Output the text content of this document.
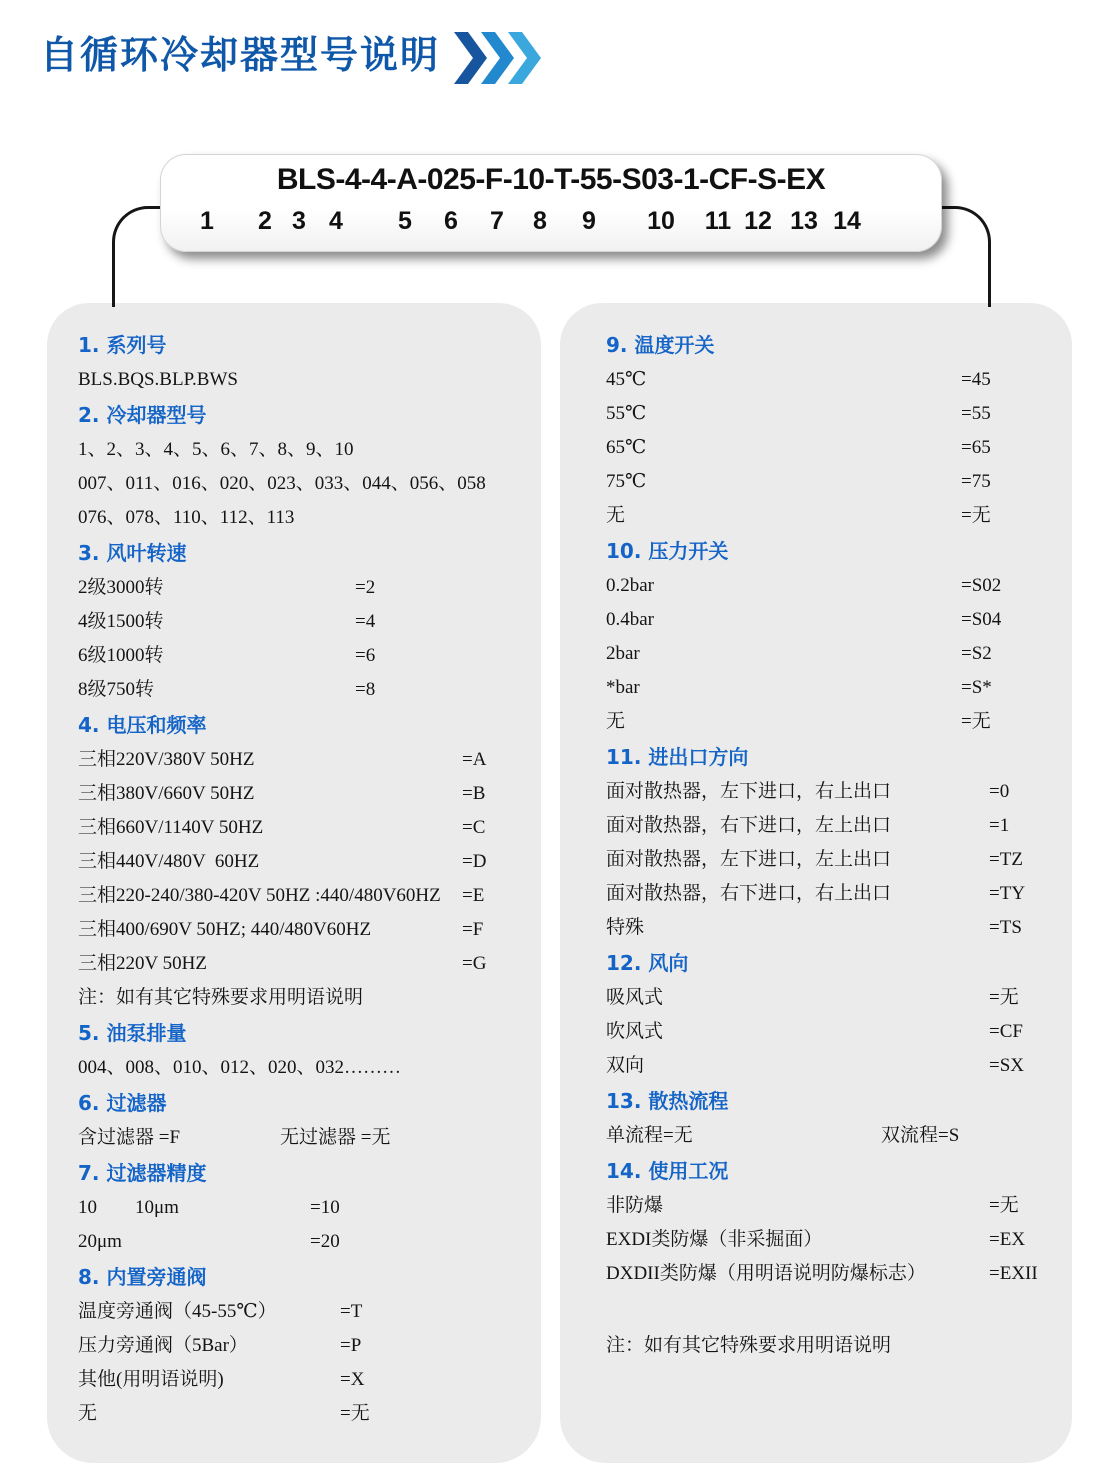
自循环冷却器型号说明
BLS-4-4-A-025-F-10-T-55-S03-1-CF-S-EX
1 2 3 4 5 6 7 8 9 10 11 12 13 14
1. 系列号
BLS.BQS.BLP.BWS
2. 冷却器型号
1、2、3、4、5、6、7、8、9、10
007、011、016、020、023、033、044、056、058
076、078、110、112、113
3. 风叶转速
2级3000转	=2
4级1500转	=4
6级1000转	=6
8级750转	=8
4. 电压和频率
三相220V/380V 50HZ	=A
三相380V/660V 50HZ	=B
三相660V/1140V 50HZ	=C
三相440V/480V  60HZ	=D
三相220-240/380-420V 50HZ :440/480V60HZ =E
三相400/690V 50HZ; 440/480V60HZ	=F
三相220V 50HZ	=G
注：如有其它特殊要求用明语说明
5. 油泵排量
004、008、010、012、020、032………
6. 过滤器
含过滤器 =F	无过滤器 =无
7. 过滤器精度
10　　10μm	=10
20μm	=20
8. 内置旁通阀
温度旁通阀（45-55℃）	=T
压力旁通阀（5Bar）	=P
其他(用明语说明)	=X
无	=无
9. 温度开关
45℃	=45
55℃	=55
65℃	=65
75℃	=75
无	=无
10. 压力开关
0.2bar	=S02
0.4bar	=S04
2bar	=S2
*bar	=S*
无	=无
11. 进出口方向
面对散热器，左下进口，右上出口	=0
面对散热器，右下进口，左上出口	=1
面对散热器，左下进口，左上出口	=TZ
面对散热器，右下进口，右上出口	=TY
特殊	=TS
12. 风向
吸风式	=无
吹风式	=CF
双向	=SX
13. 散热流程
单流程=无	双流程=S
14. 使用工况
非防爆	=无
EXDI类防爆（非采掘面）	=EX
DXDII类防爆（用明语说明防爆标志）	=EXII
注：如有其它特殊要求用明语说明
